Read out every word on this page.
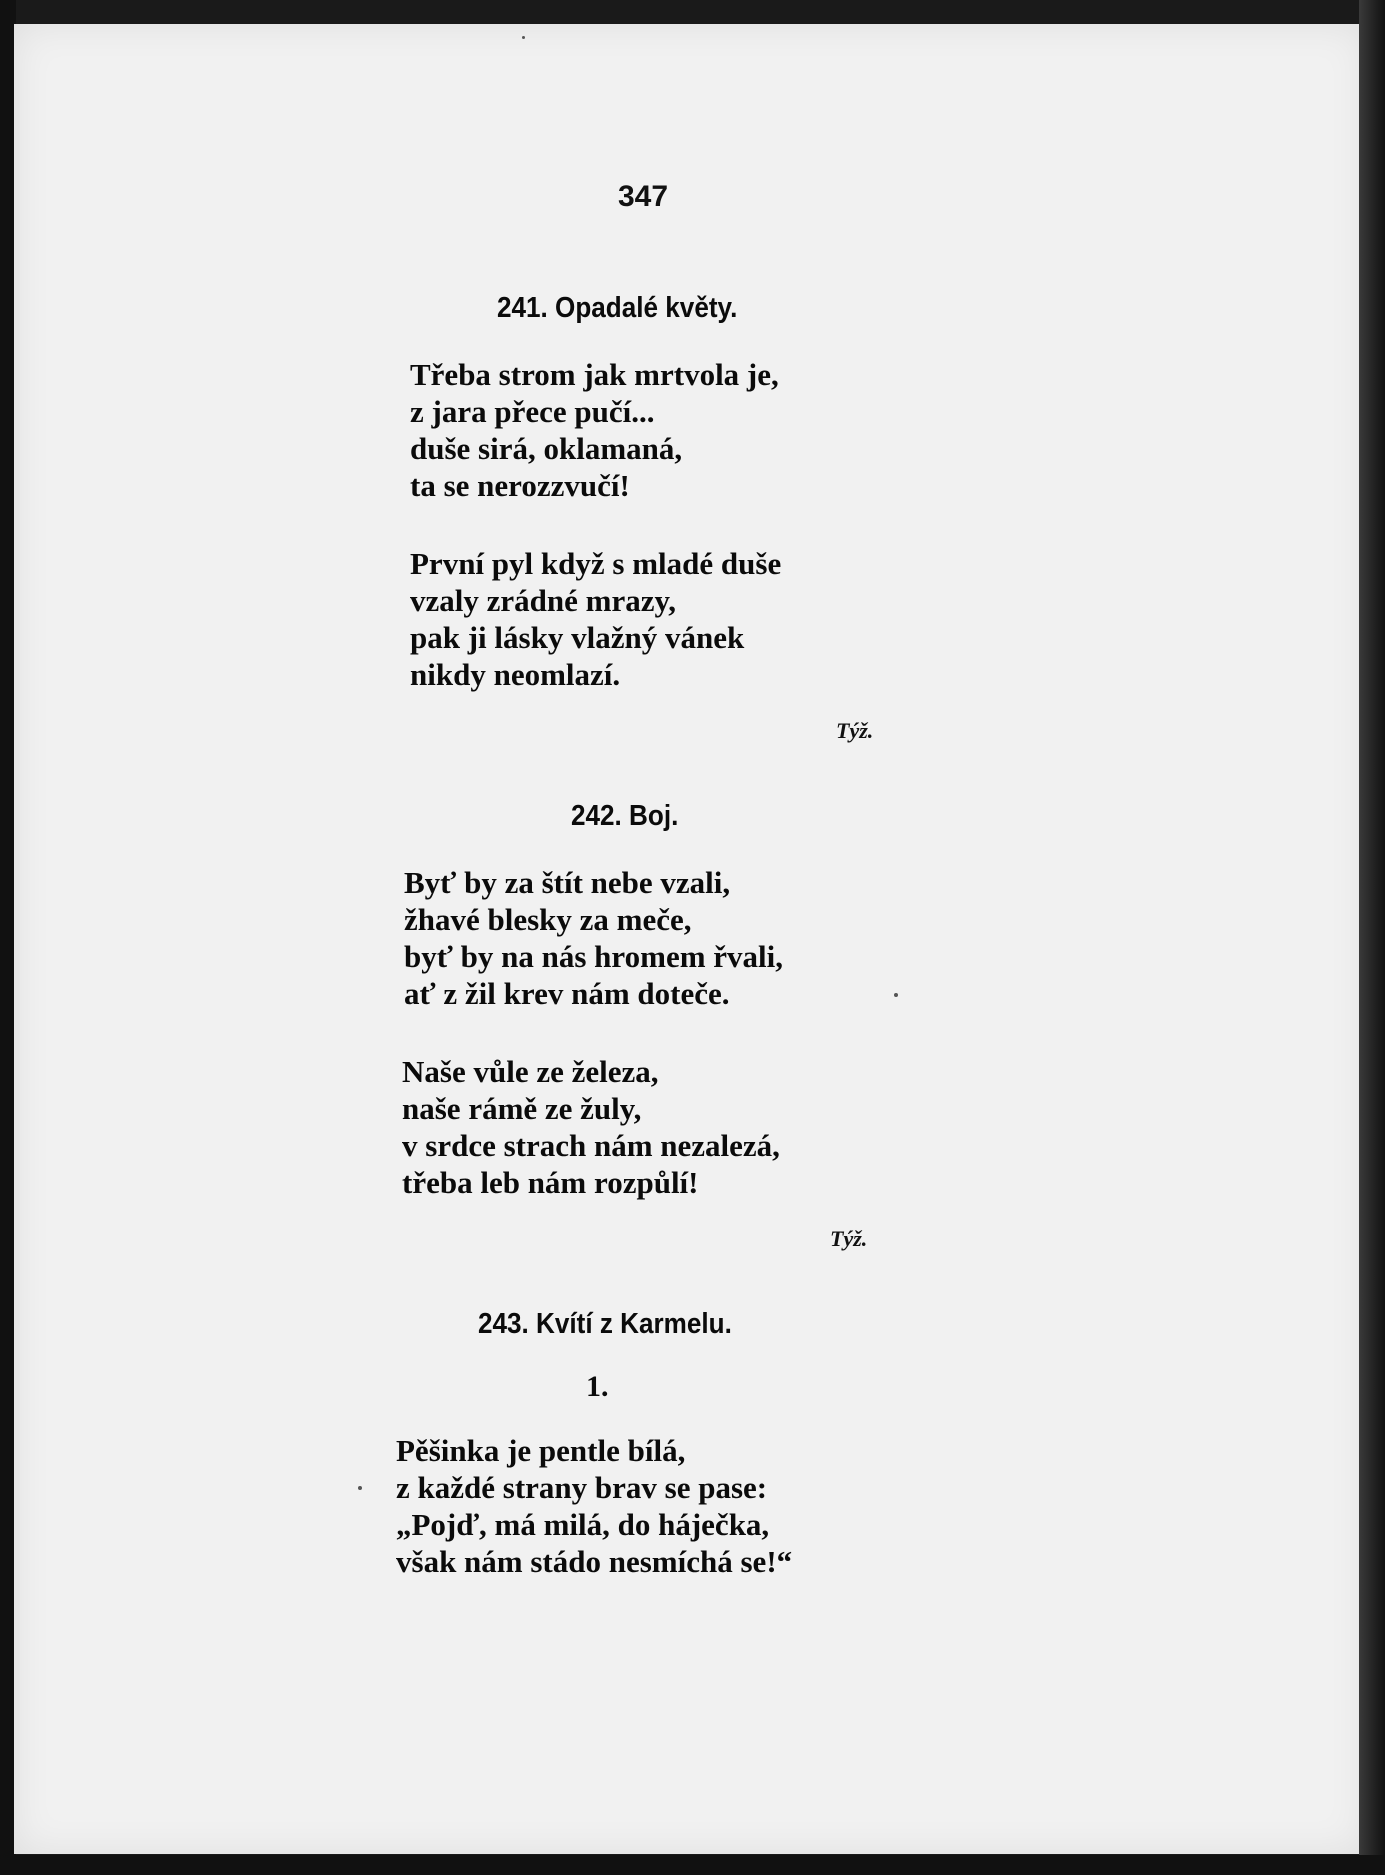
347
241. Opadalé květy.
Třeba strom jak mrtvola je,
z jara přece pučí...
duše sirá, oklamaná,
ta se nerozzvučí!
První pyl když s mladé duše
vzaly zrádné mrazy,
pak ji lásky vlažný vánek
nikdy neomlazí.
Týž.
242. Boj.
Byť by za štít nebe vzali,
žhavé blesky za meče,
byť by na nás hromem řvali,
ať z žil krev nám doteče.
Naše vůle ze železa,
naše rámě ze žuly,
v srdce strach nám nezalezá,
třeba leb nám rozpůlí!
Týž.
243. Kvítí z Karmelu.
1.
Pěšinka je pentle bílá,
z každé strany brav se pase:
„Pojď, má milá, do háječka,
však nám stádo nesmíchá se!“
